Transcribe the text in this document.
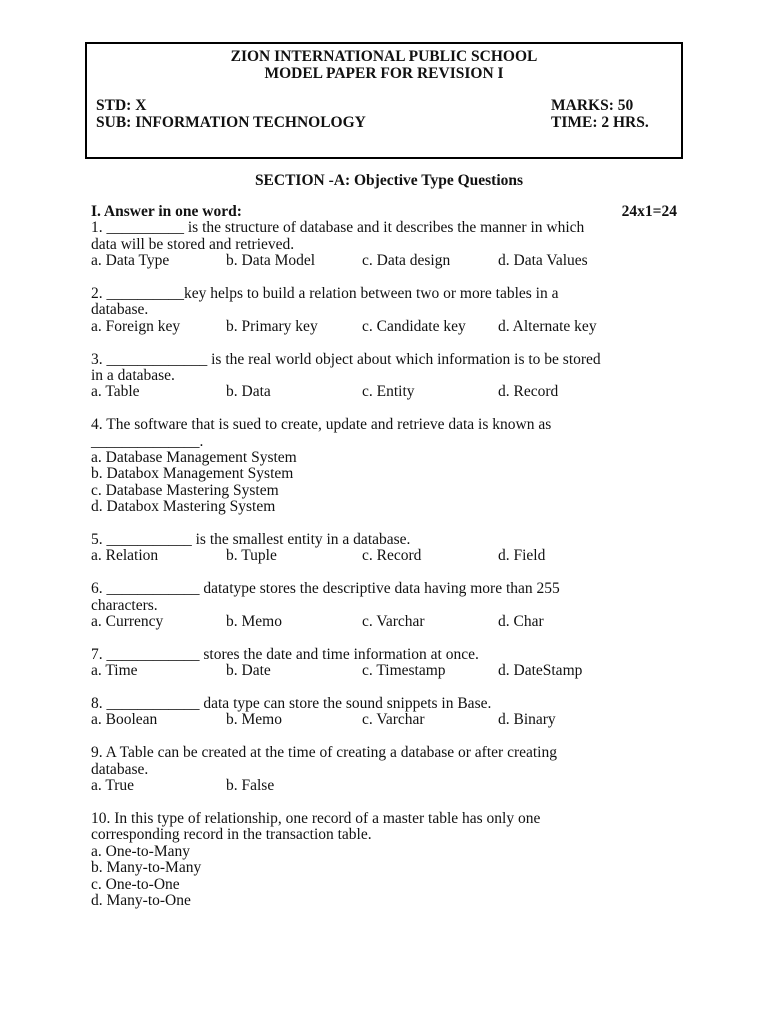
ZION INTERNATIONAL PUBLIC SCHOOL
MODEL PAPER FOR REVISION I
STD: X	MARKS: 50
SUB: INFORMATION TECHNOLOGY	TIME: 2 HRS.
SECTION -A: Objective Type Questions
I. Answer in one word:	24x1=24
1. __________ is the structure of database and it describes the manner in which
data will be stored and retrieved.
a. Data Type	b. Data Model	c. Data design	d. Data Values
2. __________key helps to build a relation between two or more tables in a
database.
a. Foreign key	b. Primary key	c. Candidate key	d. Alternate key
3. _____________ is the real world object about which information is to be stored
in a database.
a. Table	b. Data	c. Entity	d. Record
4. The software that is sued to create, update and retrieve data is known as
______________.
a. Database Management System
b. Databox Management System
c. Database Mastering System
d. Databox Mastering System
5. ___________ is the smallest entity in a database.
a. Relation	b. Tuple	c. Record	d. Field
6. ____________ datatype stores the descriptive data having more than 255
characters.
a. Currency	b. Memo	c. Varchar	d. Char
7. ____________ stores the date and time information at once.
a. Time	b. Date	c. Timestamp	d. DateStamp
8. ____________ data type can store the sound snippets in Base.
a. Boolean	b. Memo	c. Varchar	d. Binary
9. A Table can be created at the time of creating a database or after creating
database.
a. True	b. False
10. In this type of relationship, one record of a master table has only one
corresponding record in the transaction table.
a. One-to-Many
b. Many-to-Many
c. One-to-One
d. Many-to-One
